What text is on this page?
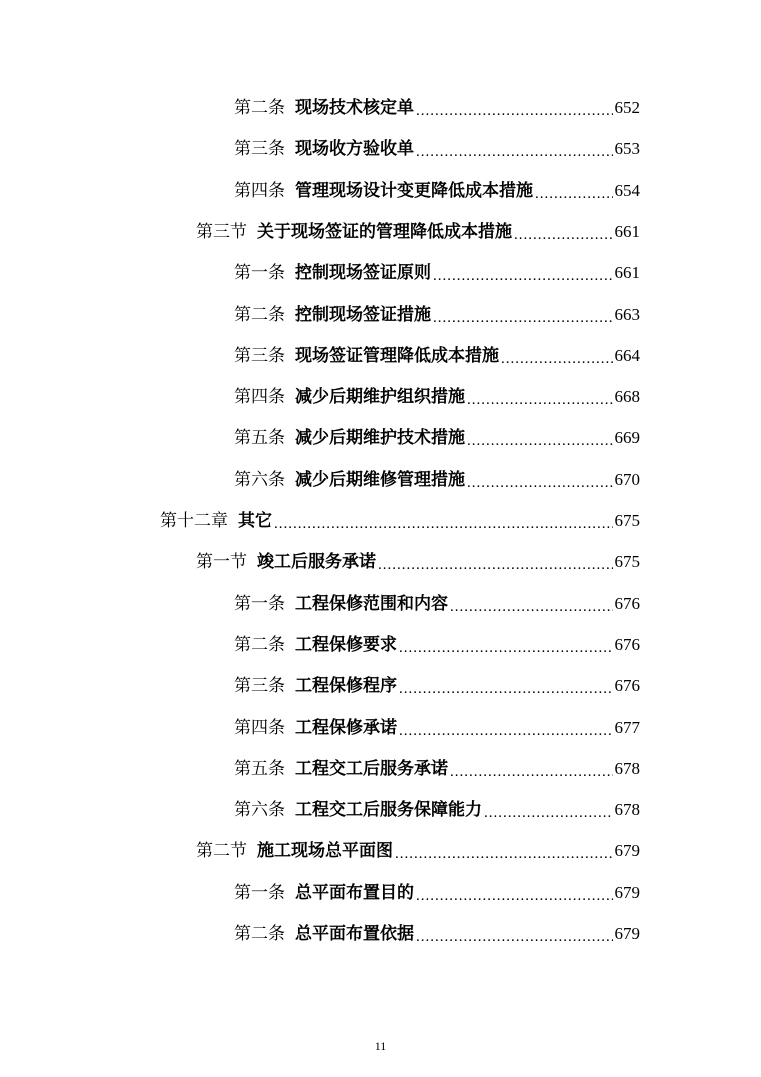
第二条 现场技术核定单 .....	652
第三条 现场收方验收单 .....	653
第四条 管理现场设计变更降低成本措施 .....	654
第三节 关于现场签证的管理降低成本措施 .....	661
第一条 控制现场签证原则 .....	661
第二条 控制现场签证措施 .....	663
第三条 现场签证管理降低成本措施 .....	664
第四条 减少后期维护组织措施 .....	668
第五条 减少后期维护技术措施 .....	669
第六条 减少后期维修管理措施 .....	670
第十二章 其它 .....	675
第一节 竣工后服务承诺 .....	675
第一条 工程保修范围和内容 .....	676
第二条 工程保修要求 .....	676
第三条 工程保修程序 .....	676
第四条 工程保修承诺 .....	677
第五条 工程交工后服务承诺 .....	678
第六条 工程交工后服务保障能力 .....	678
第二节 施工现场总平面图 .....	679
第一条 总平面布置目的 .....	679
第二条 总平面布置依据 .....	679
11
